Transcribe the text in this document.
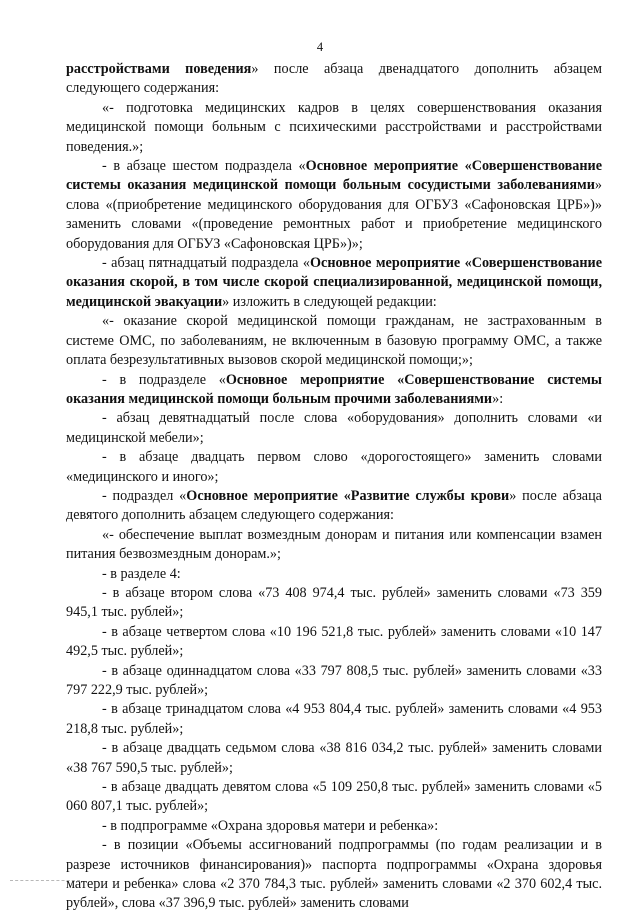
4

расстройствами поведения» после абзаца двенадцатого дополнить абзацем следующего содержания:

«- подготовка медицинских кадров в целях совершенствования оказания медицинской помощи больным с психическими расстройствами и расстройствами поведения.»;

- в абзаце шестом подраздела «Основное мероприятие «Совершенствование системы оказания медицинской помощи больным сосудистыми заболеваниями» слова «(приобретение медицинского оборудования для ОГБУЗ «Сафоновская ЦРБ»)» заменить словами «(проведение ремонтных работ и приобретение медицинского оборудования для ОГБУЗ «Сафоновская ЦРБ»)»;

- абзац пятнадцатый подраздела «Основное мероприятие «Совершенствование оказания скорой, в том числе скорой специализированной, медицинской помощи, медицинской эвакуации» изложить в следующей редакции:

«- оказание скорой медицинской помощи гражданам, не застрахованным в системе ОМС, по заболеваниям, не включенным в базовую программу ОМС, а также оплата безрезультативных вызовов скорой медицинской помощи;»;

- в подразделе «Основное мероприятие «Совершенствование системы оказания медицинской помощи больным прочими заболеваниями»:

- абзац девятнадцатый после слова «оборудования» дополнить словами «и медицинской мебели»;

- в абзаце двадцать первом слово «дорогостоящего» заменить словами «медицинского и иного»;

- подраздел «Основное мероприятие «Развитие службы крови» после абзаца девятого дополнить абзацем следующего содержания:

«- обеспечение выплат возмездным донорам и питания или компенсации взамен питания безвозмездным донорам.»;

- в разделе 4:

- в абзаце втором слова «73 408 974,4 тыс. рублей» заменить словами «73 359 945,1 тыс. рублей»;

- в абзаце четвертом слова «10 196 521,8 тыс. рублей» заменить словами «10 147 492,5 тыс. рублей»;

- в абзаце одиннадцатом слова «33 797 808,5 тыс. рублей» заменить словами «33 797 222,9 тыс. рублей»;

- в абзаце тринадцатом слова «4 953 804,4 тыс. рублей» заменить словами «4 953 218,8 тыс. рублей»;

- в абзаце двадцать седьмом слова «38 816 034,2 тыс. рублей» заменить словами «38 767 590,5 тыс. рублей»;

- в абзаце двадцать девятом слова «5 109 250,8 тыс. рублей» заменить словами «5 060 807,1 тыс. рублей»;

- в подпрограмме «Охрана здоровья матери и ребенка»:

- в позиции «Объемы ассигнований подпрограммы (по годам реализации и в разрезе источников финансирования)» паспорта подпрограммы «Охрана здоровья матери и ребенка» слова «2 370 784,3 тыс. рублей» заменить словами «2 370 602,4 тыс. рублей», слова «37 396,9 тыс. рублей» заменить словами
